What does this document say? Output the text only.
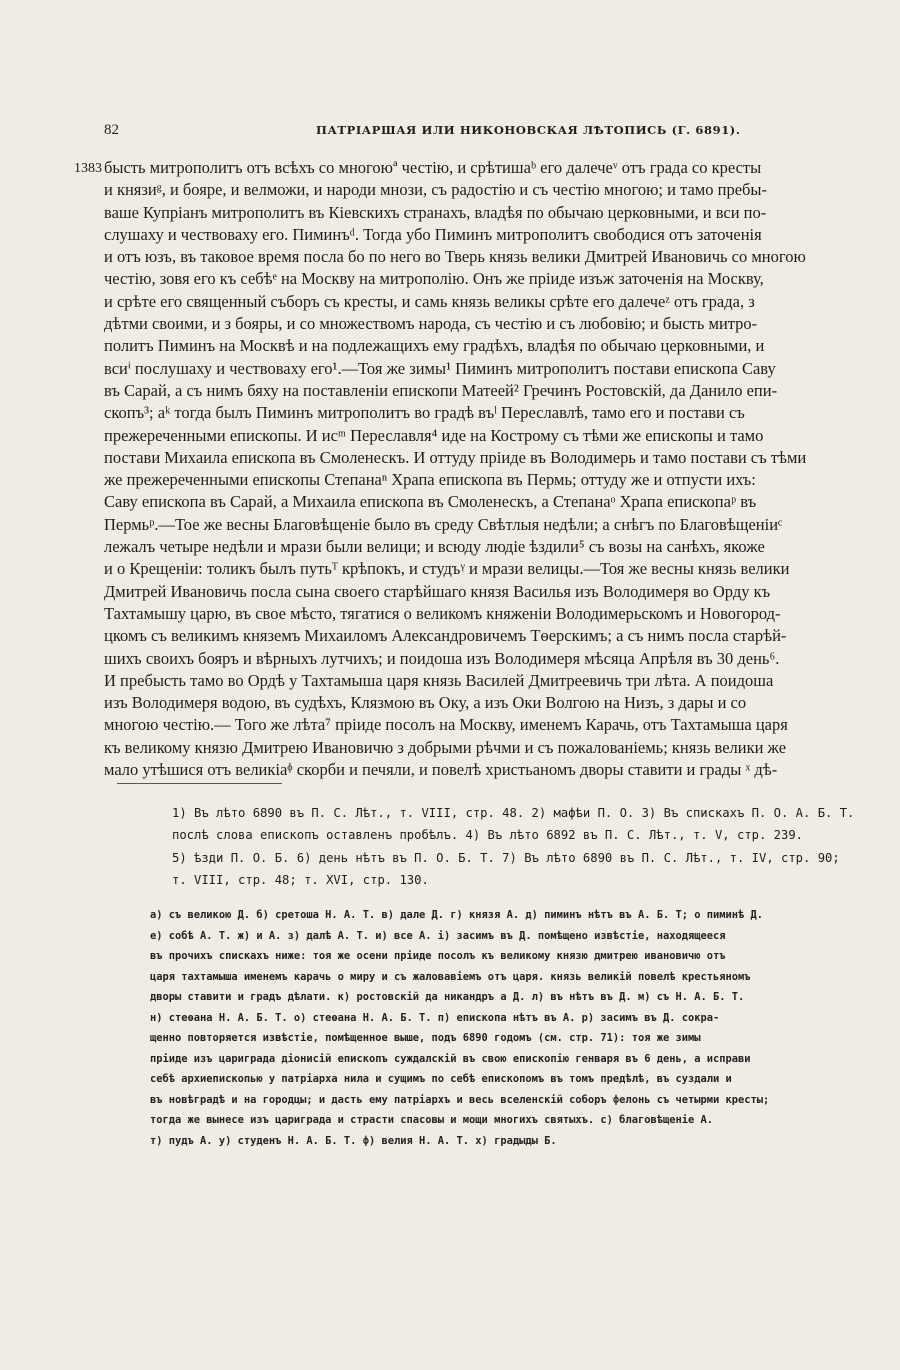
82	ПАТРІАРШАЯ ИЛИ НИКОНОВСКАЯ ЛѢТОПИСЬ (Г. 6891).
1383 бысть митрополитъ отъ всѣхъ со многоюª честію, и срѣтишаᵇ его далечеᵛ отъ града со кресты
и князиᵍ, и бояре, и велможи, и народи мнози, съ радостію и съ честію многою; и тамо пребы-
ваше Купріанъ митрополитъ въ Кіевскихъ странахъ, владѣя по обычаю церковными, и вси по-
слушаху и чествоваху его. Пиминъᵈ. Тогда убо Пиминъ митрополитъ свободися отъ заточенія
и отъ юзъ, въ таковое время посла бо по него во Тверь князь велики Дмитрей Ивановичь со многою
честію, зовя его къ себѣᵉ на Москву на митрополію. Онъ же пріиде изъж заточенія на Москву,
и срѣте его священный съборъ съ кресты, и самь князь великы срѣте его далечеᶻ отъ града, з
дѣтми своими, и з бояры, и со множествомъ народа, съ честію и съ любовію; и бысть митро-
политъ Пиминъ на Москвѣ и на подлежащихъ ему градѣхъ, владѣя по обычаю церковными, и
всиⁱ послушаху и чествоваху его¹.—Тоя же зимы¹ Пиминъ митрополитъ постави епископа Саву
въ Сарай, а съ нимъ бяху на поставленіи епископи Матеей² Гречинъ Ростовскій, да Данило епи-
скопъ³; аᵏ тогда былъ Пиминъ митрополитъ во градѣ въˡ Переславлѣ, тамо его и постави съ
прежереченными епископы. И исᵐ Переславля⁴ иде на Кострому съ тѣми же епископы и тамо
постави Михаила епископа въ Смоленескъ. И оттуду пріиде въ Володимерь и тамо постави съ тѣми
же прежереченными епископы Степанаⁿ Храпа епископа въ Пермь; оттуду же и отпусти ихъ:
Саву епископа въ Сарай, а Михаила епископа въ Смоленескъ, а Степанаᵒ Храпа епископаᵖ въ
Пермьᵖ.—Тое же весны Благовѣщеніе было въ среду Свѣтлыя недѣли; а снѣгъ по Благовѣщеніиᶜ
лежалъ четыре недѣли и мрази были велици; и всюду людіе ѣздили⁵ съ возы на санѣхъ, якоже
и о Крещеніи: толикъ былъ путьᵀ крѣпокъ, и студъᵞ и мрази велицы.—Тоя же весны князь велики
Дмитрей Ивановичь посла сына своего старѣйшаго князя Василья изъ Володимеря во Орду къ
Тахтамышу царю, въ свое мѣсто, тягатися о великомъ княженіи Володимерьскомъ и Новогород-
цкомъ съ великимъ княземъ Михаиломъ Александровичемъ Тѳерскимъ; а съ нимъ посла старѣй-
шихъ своихъ бояръ и вѣрныхъ лутчихъ; и поидоша изъ Володимеря мѣсяца Апрѣля въ 30 день⁶.
И пребысть тамо во Ордѣ у Тахтамыша царя князь Василей Дмитреевичь три лѣта. А поидоша
изъ Володимеря водою, въ судѣхъ, Клязмою въ Оку, а изъ Оки Волгою на Низъ, з дары и со
многою честію.— Того же лѣта⁷ пріиде посолъ на Москву, именемъ Карачь, отъ Тахтамыша царя
къ великому князю Дмитрею Ивановичю з добрыми рѣчми и съ пожалованіемь; князь велики же
мало утѣшися отъ великіаᶲ скорби и печяли, и повелѣ христьаномъ дворы ставити и грады ˣ дѣ-
1) Въ лѣто 6890 въ П. С. Лѣт., т. VIII, стр. 48. 2) мафѣи П. О. 3) Въ спискахъ П. О. А. Б. Т.
послѣ слова епископъ оставленъ пробѣлъ. 4) Въ лѣто 6892 въ П. С. Лѣт., т. V, стр. 239.
5) ѣзди П. О. Б. 6) день нѣтъ въ П. О. Б. Т. 7) Въ лѣто 6890 въ П. С. Лѣт., т. IV, стр. 90;
т. VIII, стр. 48; т. XVI, стр. 130.
а) съ великою Д. б) сретоша Н. А. Т. в) дале Д. г) князя А. д) пиминъ нѣтъ въ А. Б. Т; о пиминѣ Д.
е) собѣ А. Т. ж) и А. з) далѣ А. Т. и) все А. і) засимъ въ Д. помѣщено извѣстіе, находящееся
въ прочихъ спискахъ ниже: тоя же осени пріиде посолъ къ великому князю дмитрею ивановичю отъ
царя тахтамыша именемъ карачь о миру и съ жаловавіемъ отъ царя. князь великій повелѣ крестьяномъ
дворы ставити и градъ дѣлати. к) ростовскій да никандръ а Д. л) въ нѣтъ въ Д. м) съ Н. А. Б. Т.
н) стеѳана Н. А. Б. Т. о) стеѳана Н. А. Б. Т. п) епископа нѣтъ въ А. р) засимъ въ Д. сокра-
щенно повторяется извѣстіе, помѣщенное выше, подъ 6890 годомъ (см. стр. 71): тоя же зимы
пріиде изъ цариграда діонисій епископъ суждалскій въ свою епископію генваря въ 6 день, а исправи
себѣ архиепископью у патріарха нила и сущимъ по себѣ епископомъ въ томъ предѣлѣ, въ суздали и
въ новѣградѣ и на городцы; и дасть ему патріархъ и весь вселенскій соборъ фелонь съ четырми кресты;
тогда же вынесе изъ цариграда и страсти спасовы и мощи многихъ святыхъ. с) благовѣщеніе А.
т) пудъ А. у) студенъ Н. А. Б. Т. ф) велия Н. А. Т. х) градыды Б.
